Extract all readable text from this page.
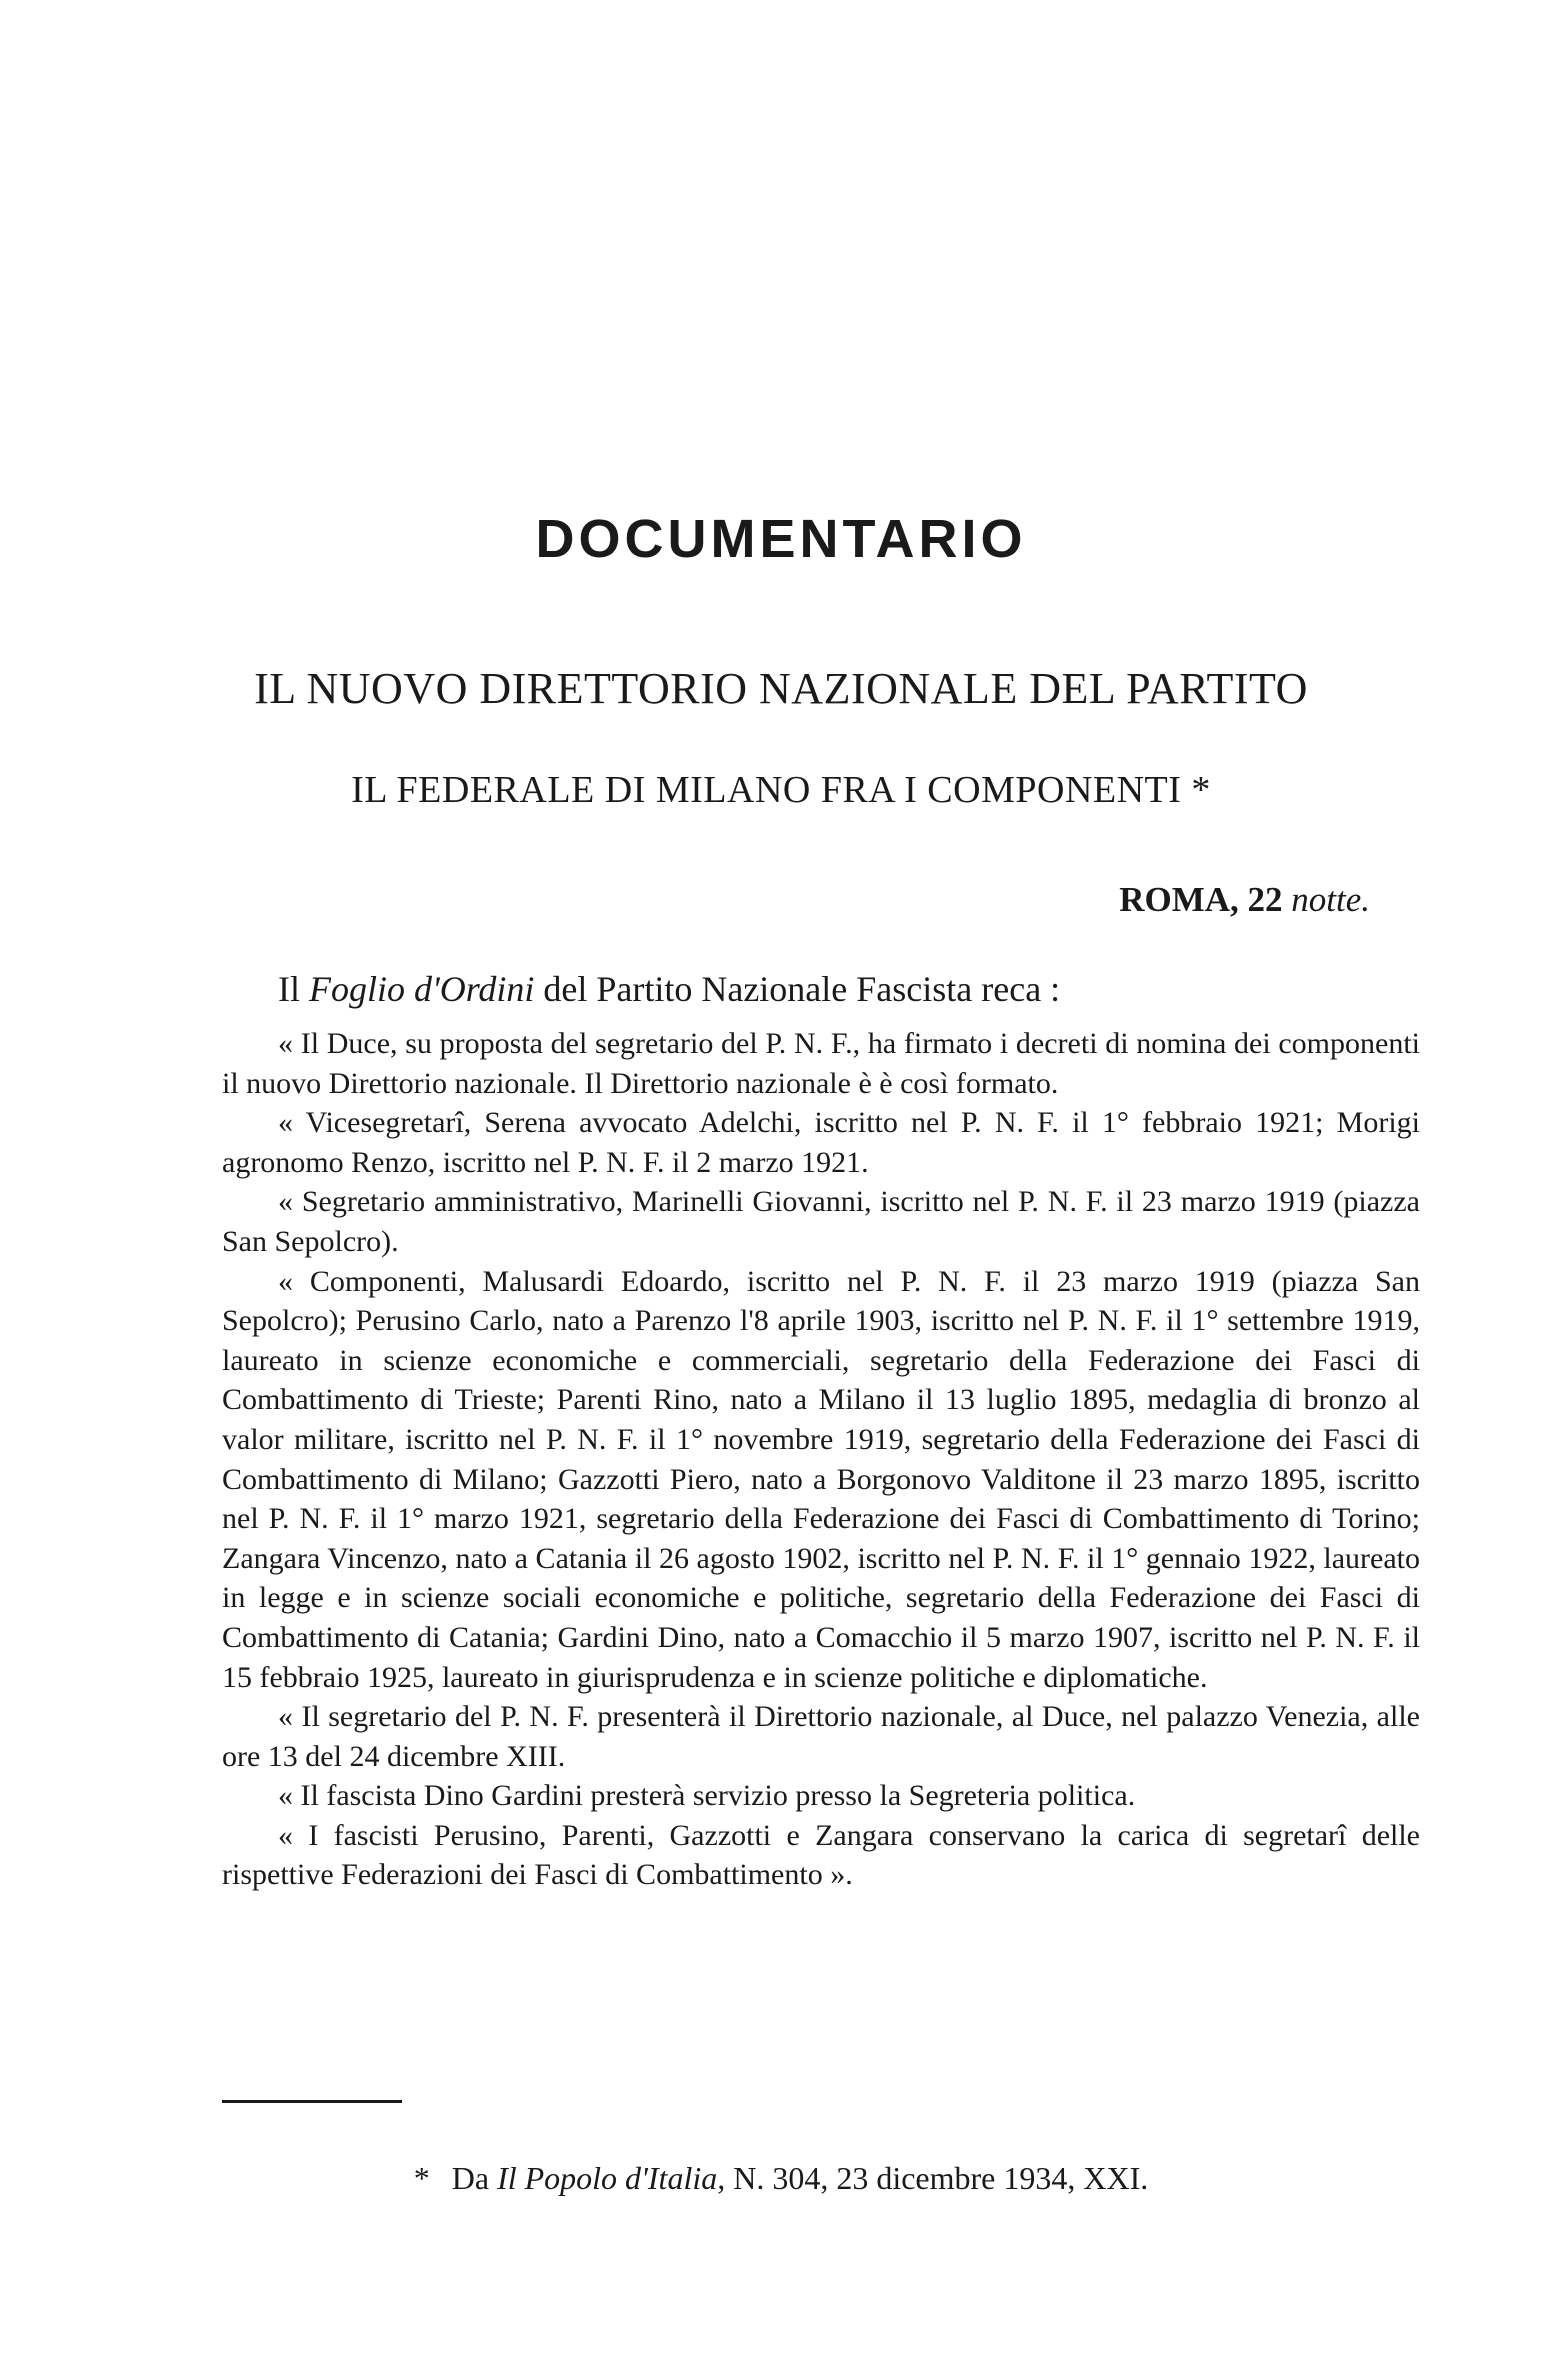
DOCUMENTARIO
IL NUOVO DIRETTORIO NAZIONALE DEL PARTITO
IL FEDERALE DI MILANO FRA I COMPONENTI *

ROMA, 22 notte.

Il Foglio d'Ordini del Partito Nazionale Fascista reca :

« Il Duce, su proposta del segretario del P. N. F., ha firmato i decreti di nomina dei componenti il nuovo Direttorio nazionale. Il Direttorio nazionale è è così formato.

« Vicesegretarî, Serena avvocato Adelchi, iscritto nel P. N. F. il 1° febbraio 1921; Morigi agronomo Renzo, iscritto nel P. N. F. il 2 marzo 1921.

« Segretario amministrativo, Marinelli Giovanni, iscritto nel P. N. F. il 23 marzo 1919 (piazza San Sepolcro).

« Componenti, Malusardi Edoardo, iscritto nel P. N. F. il 23 marzo 1919 (piazza San Sepolcro); Perusino Carlo, nato a Parenzo l'8 aprile 1903, iscritto nel P. N. F. il 1° settembre 1919, laureato in scienze economiche e commerciali, segretario della Federazione dei Fasci di Combattimento di Trieste; Parenti Rino, nato a Milano il 13 luglio 1895, medaglia di bronzo al valor militare, iscritto nel P. N. F. il 1° novembre 1919, segretario della Federazione dei Fasci di Combattimento di Milano; Gazzotti Piero, nato a Borgonovo Valditone il 23 marzo 1895, iscritto nel P. N. F. il 1° marzo 1921, segretario della Federazione dei Fasci di Combattimento di Torino; Zangara Vincenzo, nato a Catania il 26 agosto 1902, iscritto nel P. N. F. il 1° gennaio 1922, laureato in legge e in scienze sociali economiche e politiche, segretario della Federazione dei Fasci di Combattimento di Catania; Gardini Dino, nato a Comacchio il 5 marzo 1907, iscritto nel P. N. F. il 15 febbraio 1925, laureato in giurisprudenza e in scienze politiche e diplomatiche.

« Il segretario del P. N. F. presenterà il Direttorio nazionale, al Duce, nel palazzo Venezia, alle ore 13 del 24 dicembre XIII.

« Il fascista Dino Gardini presterà servizio presso la Segreteria politica.

« I fascisti Perusino, Parenti, Gazzotti e Zangara conservano la carica di segretarî delle rispettive Federazioni dei Fasci di Combattimento ».

* Da Il Popolo d'Italia, N. 304, 23 dicembre 1934, XXI.
